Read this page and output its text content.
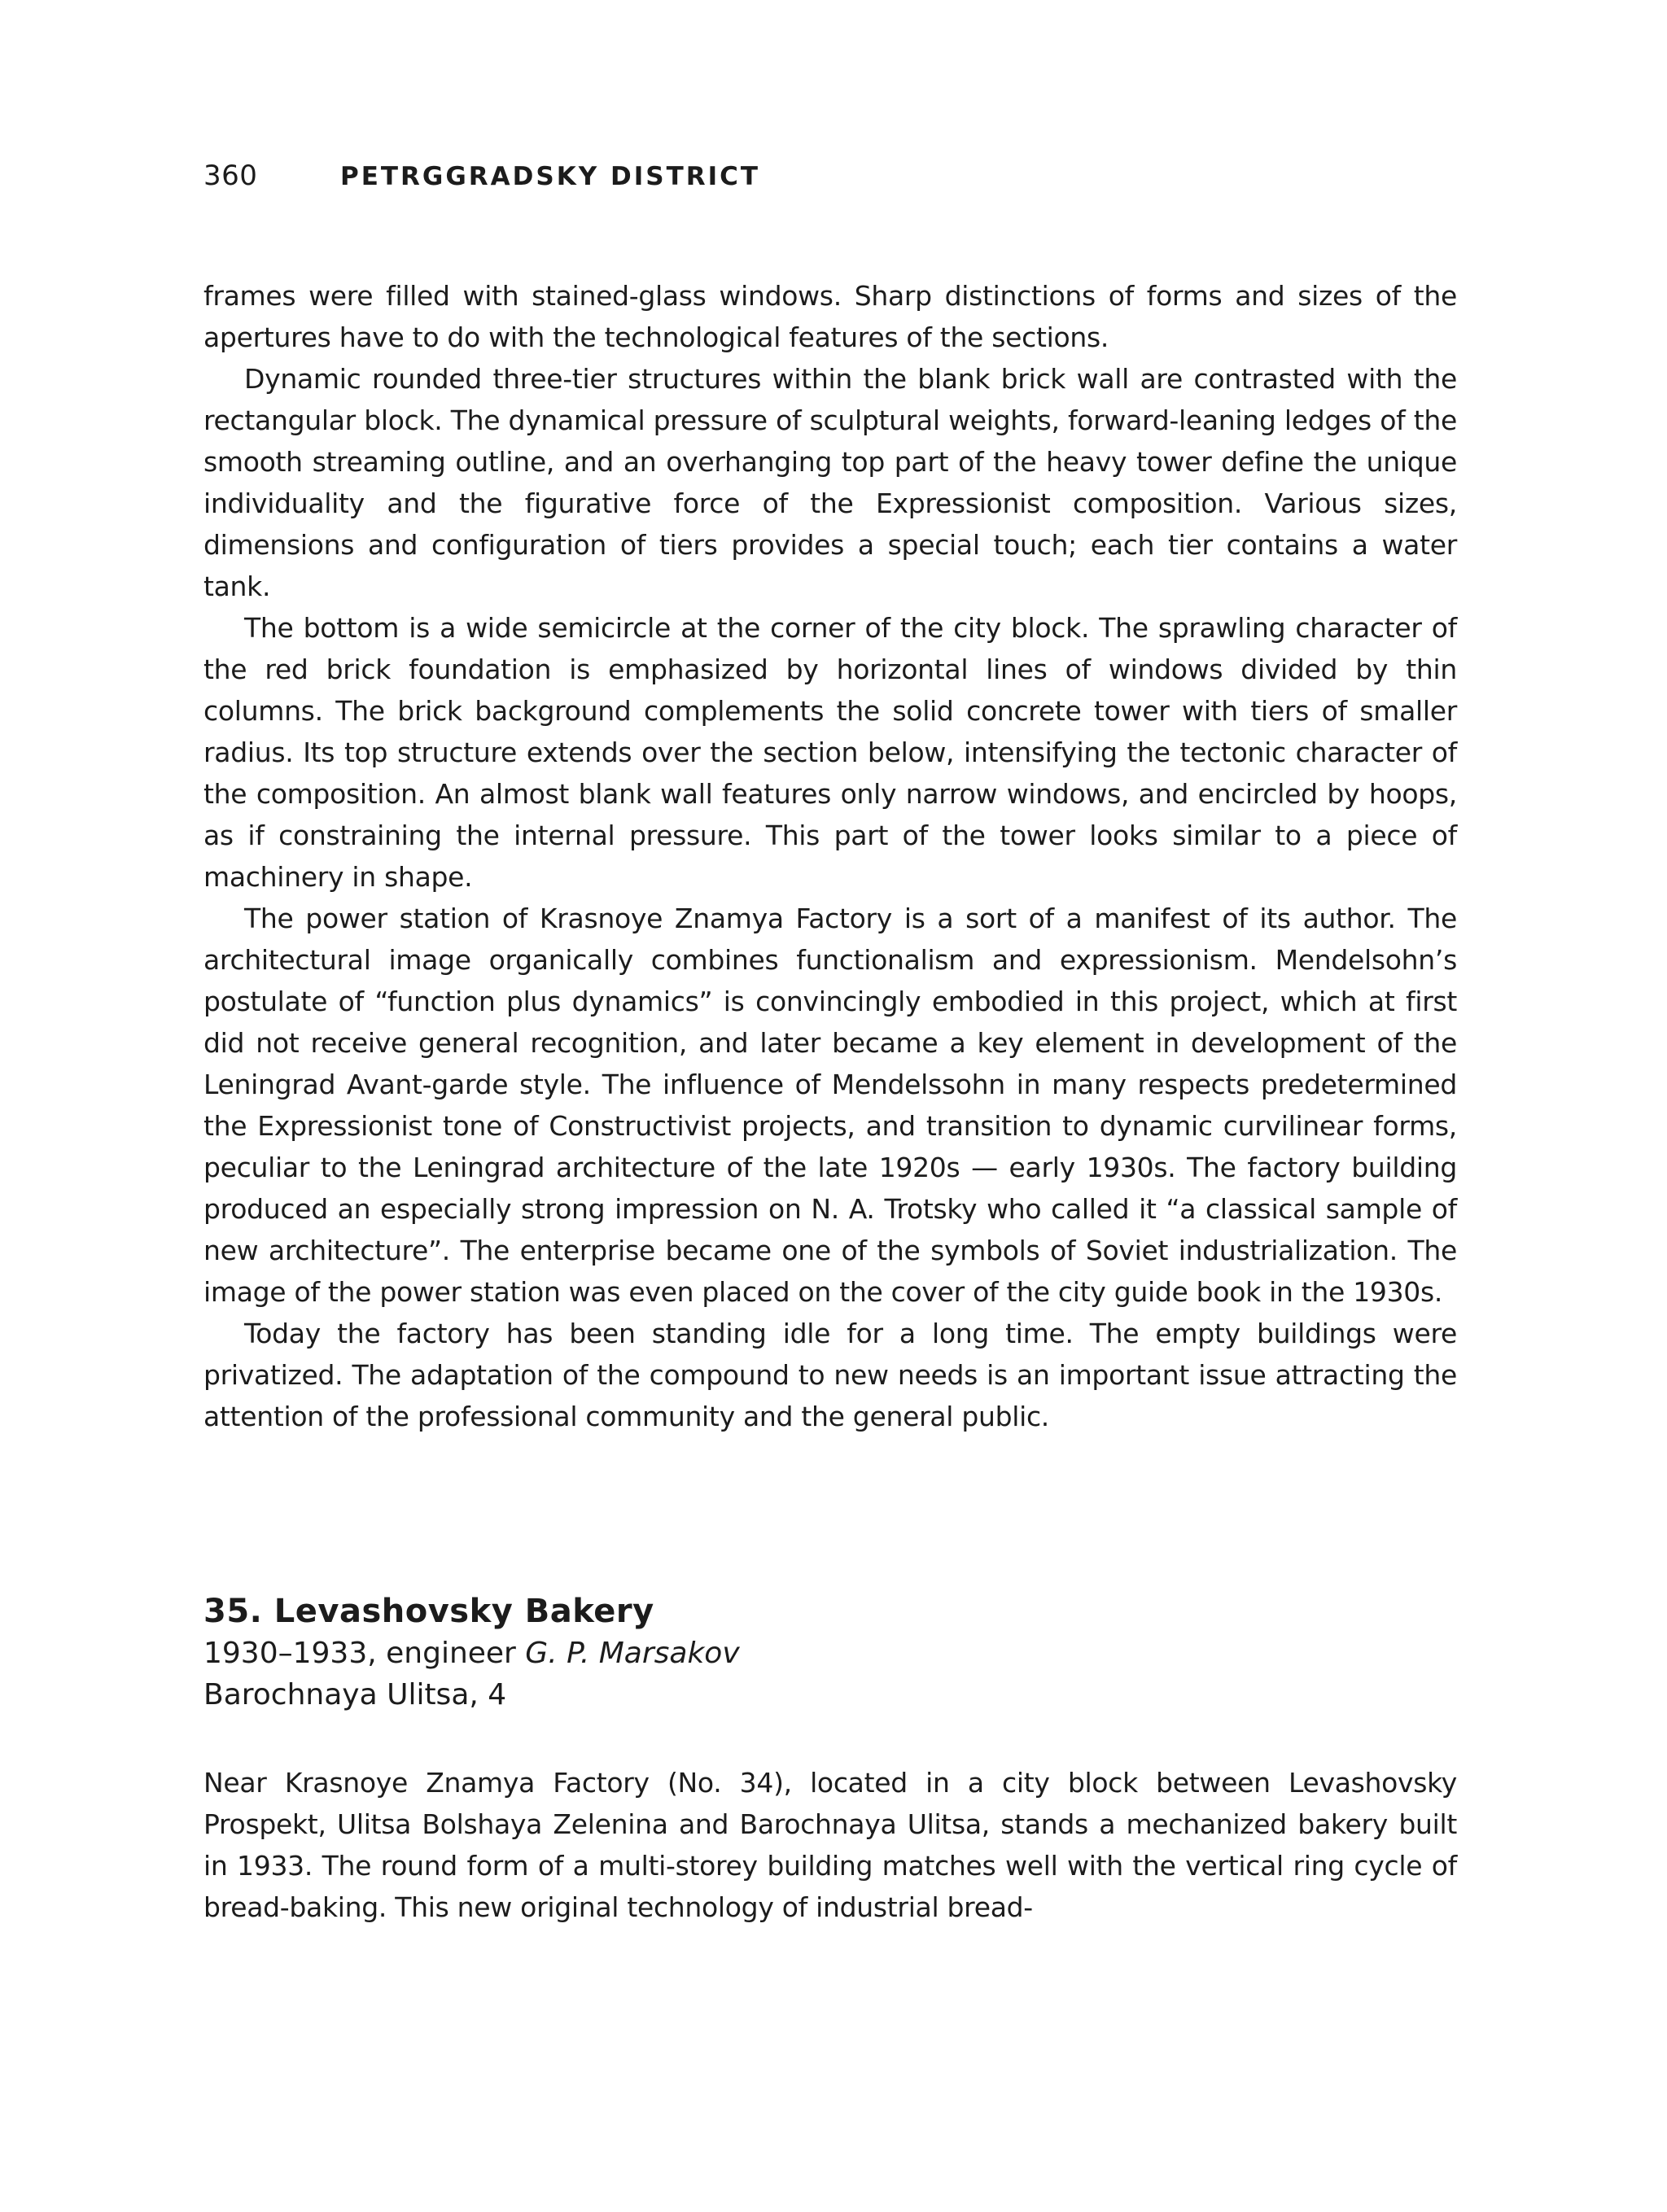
360	PETRGGRADSKY DISTRICT

frames were filled with stained-glass windows. Sharp distinctions of forms and sizes of the apertures have to do with the technological features of the sections.

Dynamic rounded three-tier structures within the blank brick wall are contrasted with the rectangular block. The dynamical pressure of sculptural weights, forward-leaning ledges of the smooth streaming outline, and an overhanging top part of the heavy tower define the unique individuality and the figurative force of the Expressionist composition. Various sizes, dimensions and configuration of tiers provides a special touch; each tier contains a water tank.

The bottom is a wide semicircle at the corner of the city block. The sprawling character of the red brick foundation is emphasized by horizontal lines of windows divided by thin columns. The brick background complements the solid concrete tower with tiers of smaller radius. Its top structure extends over the section below, intensifying the tectonic character of the composition. An almost blank wall features only narrow windows, and encircled by hoops, as if constraining the internal pressure. This part of the tower looks similar to a piece of machinery in shape.

The power station of Krasnoye Znamya Factory is a sort of a manifest of its author. The architectural image organically combines functionalism and expressionism. Mendelsohn’s postulate of “function plus dynamics” is convincingly embodied in this project, which at first did not receive general recognition, and later became a key element in development of the Leningrad Avant-garde style. The influence of Mendelssohn in many respects predetermined the Expressionist tone of Constructivist projects, and transition to dynamic curvilinear forms, peculiar to the Leningrad architecture of the late 1920s — early 1930s. The factory building produced an especially strong impression on N. A. Trotsky who called it “a classical sample of new architecture”. The enterprise became one of the symbols of Soviet industrialization. The image of the power station was even placed on the cover of the city guide book in the 1930s.

Today the factory has been standing idle for a long time. The empty buildings were privatized. The adaptation of the compound to new needs is an important issue attracting the attention of the professional community and the general public.

35. Levashovsky Bakery
1930–1933, engineer G. P. Marsakov
Barochnaya Ulitsa, 4

Near Krasnoye Znamya Factory (No. 34), located in a city block between Levashovsky Prospekt, Ulitsa Bolshaya Zelenina and Barochnaya Ulitsa, stands a mechanized bakery built in 1933. The round form of a multi-storey building matches well with the vertical ring cycle of bread-baking. This new original technology of industrial bread-
